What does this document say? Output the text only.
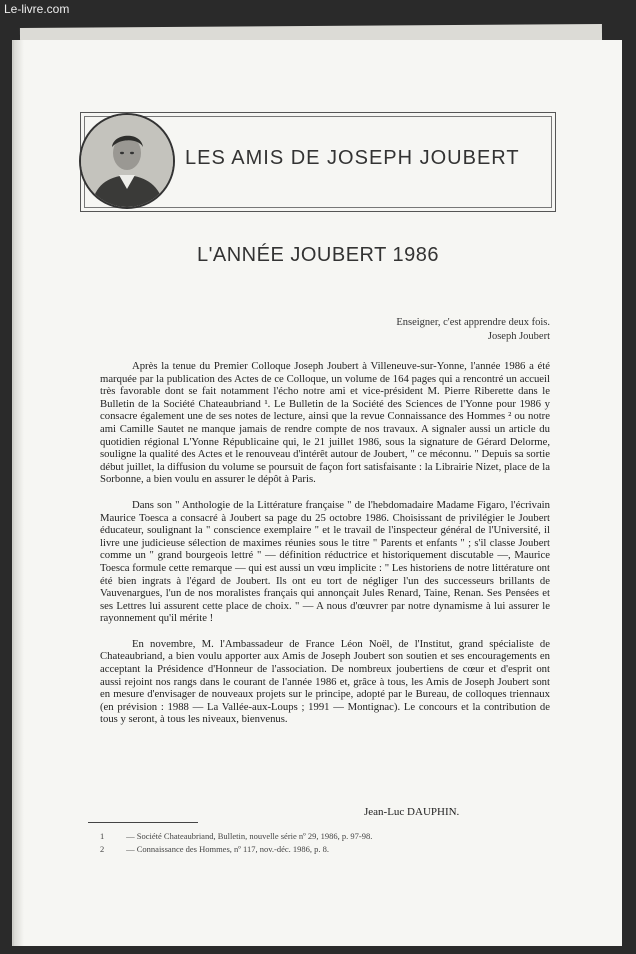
Le-livre.com
LES AMIS DE JOSEPH JOUBERT
L'ANNÉE JOUBERT 1986
Enseigner, c'est apprendre deux fois.
Joseph Joubert

Après la tenue du Premier Colloque Joseph Joubert à Villeneuve-sur-Yonne, l'année 1986 a été marquée par la publication des Actes de ce Colloque, un volume de 164 pages qui a rencontré un accueil très favorable dont se fait notamment l'écho notre ami et vice-président M. Pierre Riberette dans le Bulletin de la Société Chateaubriand ¹. Le Bulletin de la Société des Sciences de l'Yonne pour 1986 y consacre également une de ses notes de lecture, ainsi que la revue Connaissance des Hommes ² ou notre ami Camille Sautet ne manque jamais de rendre compte de nos travaux. A signaler aussi un article du quotidien régional L'Yonne Républicaine qui, le 21 juillet 1986, sous la signature de Gérard Delorme, souligne la qualité des Actes et le renouveau d'intérêt autour de Joubert, " ce méconnu. " Depuis sa sortie début juillet, la diffusion du volume se poursuit de façon fort satisfaisante : la Librairie Nizet, place de la Sorbonne, a bien voulu en assurer le dépôt à Paris.

Dans son " Anthologie de la Littérature française " de l'hebdomadaire Madame Figaro, l'écrivain Maurice Toesca a consacré à Joubert sa page du 25 octobre 1986. Choisissant de privilégier le Joubert éducateur, soulignant la " conscience exemplaire " et le travail de l'inspecteur général de l'Université, il livre une judicieuse sélection de maximes réunies sous le titre " Parents et enfants " ; s'il classe Joubert comme un " grand bourgeois lettré " — définition réductrice et historiquement discutable —, Maurice Toesca formule cette remarque — qui est aussi un vœu implicite : " Les historiens de notre littérature ont été bien ingrats à l'égard de Joubert. Ils ont eu tort de négliger l'un des successeurs brillants de Vauvenargues, l'un de nos moralistes français qui annonçait Jules Renard, Taine, Renan. Ses Pensées et ses Lettres lui assurent cette place de choix. " — A nous d'œuvrer par notre dynamisme à lui assurer le rayonnement qu'il mérite !

En novembre, M. l'Ambassadeur de France Léon Noël, de l'Institut, grand spécialiste de Chateaubriand, a bien voulu apporter aux Amis de Joseph Joubert son soutien et ses encouragements en acceptant la Présidence d'Honneur de l'association. De nombreux joubertiens de cœur et d'esprit ont aussi rejoint nos rangs dans le courant de l'année 1986 et, grâce à tous, les Amis de Joseph Joubert sont en mesure d'envisager de nouveaux projets sur le principe, adopté par le Bureau, de colloques triennaux (en prévision : 1988 — La Vallée-aux-Loups ; 1991 — Montignac). Le concours et la contribution de tous y seront, à tous les niveaux, bienvenus.

Jean-Luc DAUPHIN.
1	— Société Chateaubriand, Bulletin, nouvelle série nº 29, 1986, p. 97-98.
2	— Connaissance des Hommes, nº 117, nov.-déc. 1986, p. 8.
